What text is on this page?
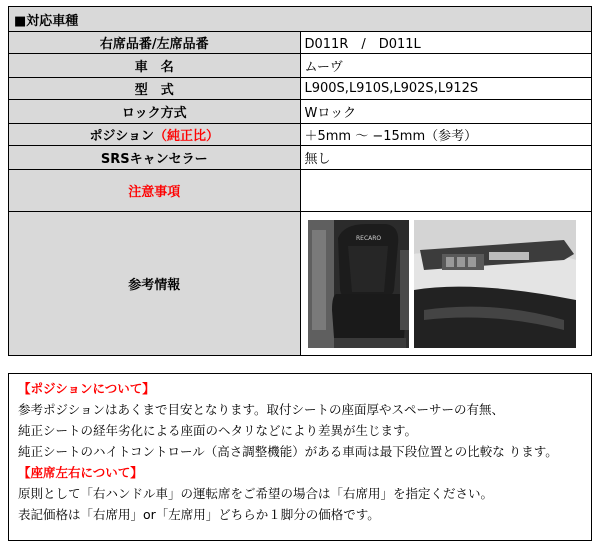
■対応車種	
右席品番/左席品番	D011R　/　D011L
車　名	ムーヴ
型　式	L900S,L910S,L902S,L912S
ロック方式	Wロック
ポジション（純正比）	＋5mm 〜 −15mm（参考）
SRSキャンセラー	無し
注意事項	
参考情報	RECARO
【ポジションについて】
参考ポジションはあくまで目安となります。取付シートの座面厚やスペーサーの有無、
純正シートの経年劣化による座面のヘタリなどにより差異が生じます。
純正シートのハイトコントロール（高さ調整機能）がある車両は最下段位置との比較な ります。
【座席左右について】
原則として「右ハンドル車」の運転席をご希望の場合は「右席用」を指定ください。
表記価格は「右席用」or「左席用」どちらか１脚分の価格です。
